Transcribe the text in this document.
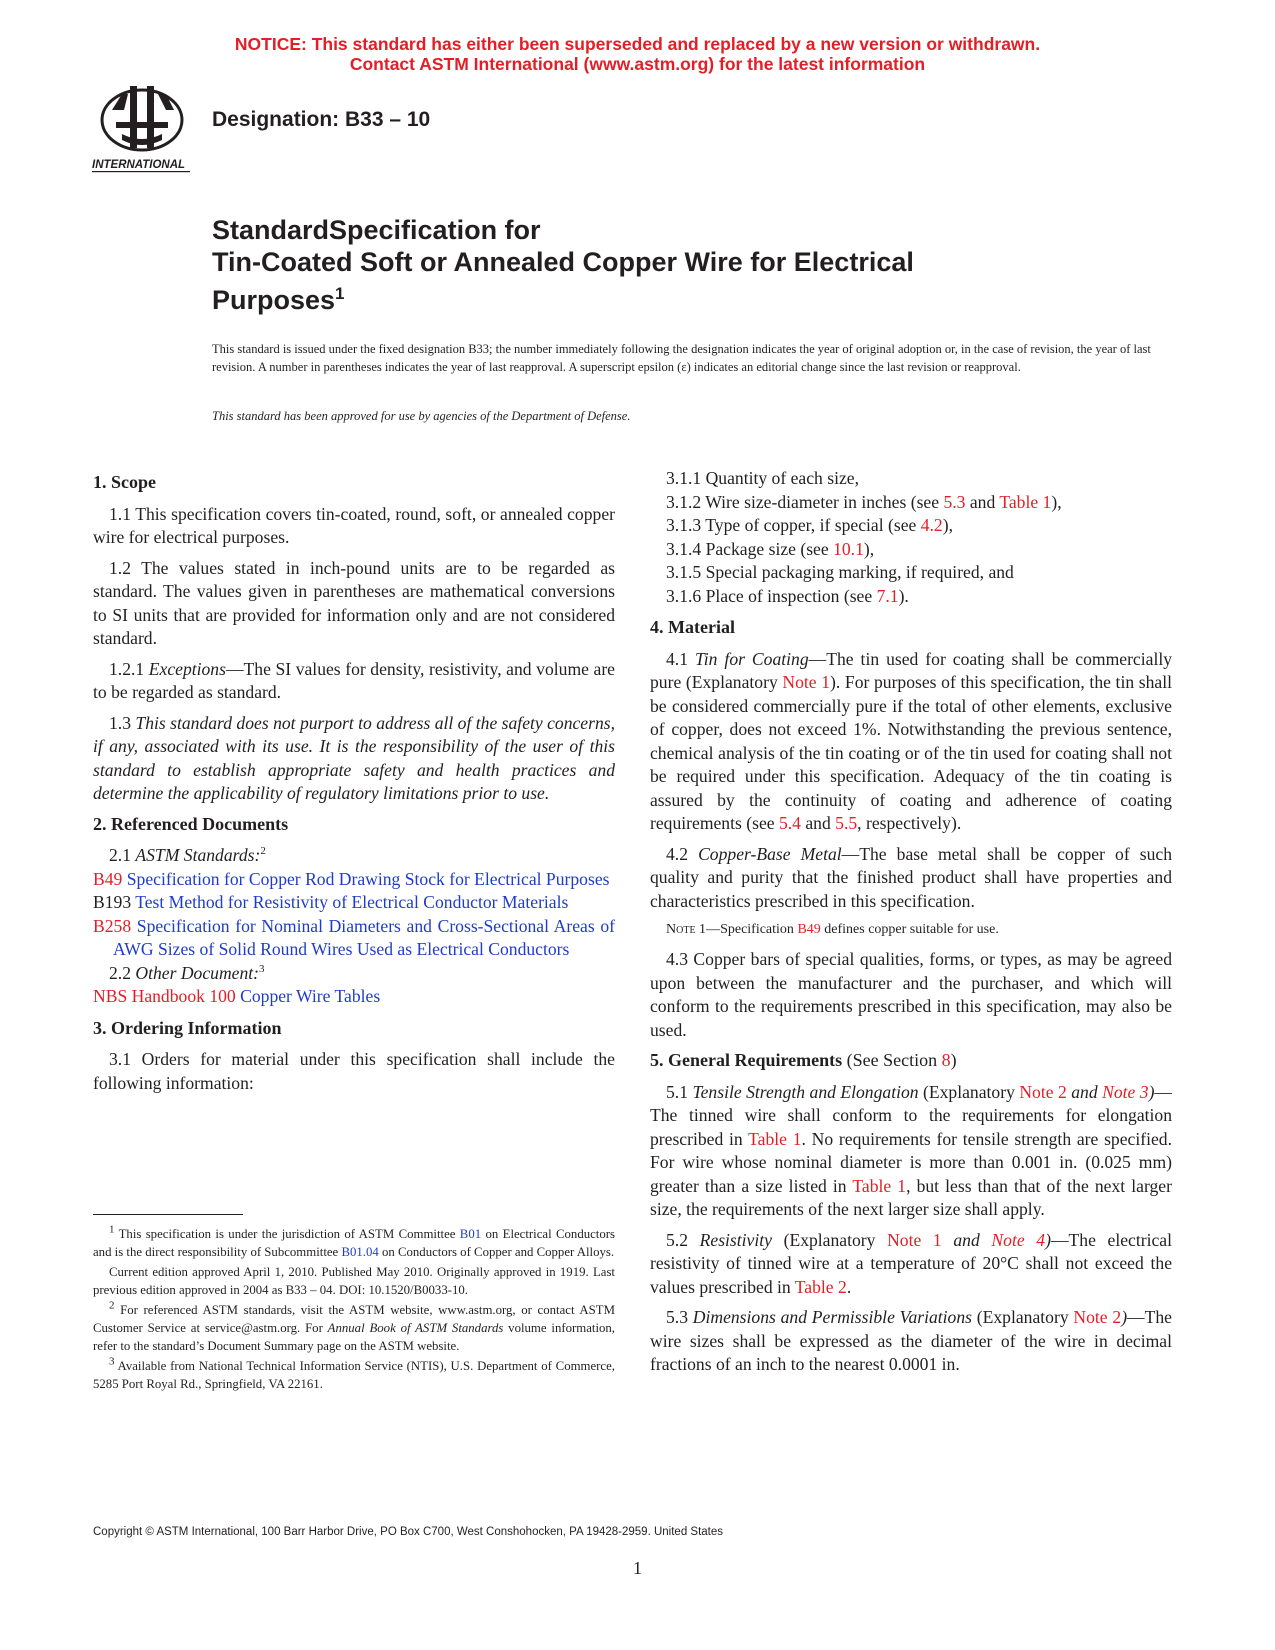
NOTICE: This standard has either been superseded and replaced by a new version or withdrawn.
Contact ASTM International (www.astm.org) for the latest information
INTERNATIONAL
Designation: B33 – 10
StandardSpecification for
Tin-Coated Soft or Annealed Copper Wire for Electrical
Purposes$^1$
This standard is issued under the fixed designation B33; the number immediately following the designation indicates the year of original adoption or, in the case of revision, the year of last revision. A number in parentheses indicates the year of last reapproval. A superscript epsilon (ε) indicates an editorial change since the last revision or reapproval.
This standard has been approved for use by agencies of the Department of Defense.
1. Scope

1.1 This specification covers tin-coated, round, soft, or annealed copper wire for electrical purposes.

1.2 The values stated in inch-pound units are to be regarded as standard. The values given in parentheses are mathematical conversions to SI units that are provided for information only and are not considered standard.

1.2.1 Exceptions—The SI values for density, resistivity, and volume are to be regarded as standard.

1.3 This standard does not purport to address all of the safety concerns, if any, associated with its use. It is the responsibility of the user of this standard to establish appropriate safety and health practices and determine the applicability of regulatory limitations prior to use.

2. Referenced Documents

2.1 ASTM Standards:$^2$

B49 Specification for Copper Rod Drawing Stock for Electrical Purposes

B193 Test Method for Resistivity of Electrical Conductor Materials

B258 Specification for Nominal Diameters and Cross-Sectional Areas of AWG Sizes of Solid Round Wires Used as Electrical Conductors

2.2 Other Document:$^3$

NBS Handbook 100 Copper Wire Tables

3. Ordering Information

3.1 Orders for material under this specification shall include the following information:

$^1$ This specification is under the jurisdiction of ASTM Committee B01 on Electrical Conductors and is the direct responsibility of Subcommittee B01.04 on Conductors of Copper and Copper Alloys.

Current edition approved April 1, 2010. Published May 2010. Originally approved in 1919. Last previous edition approved in 2004 as B33 – 04. DOI: 10.1520/B0033-10.

$^2$ For referenced ASTM standards, visit the ASTM website, www.astm.org, or contact ASTM Customer Service at service@astm.org. For Annual Book of ASTM Standards volume information, refer to the standard’s Document Summary page on the ASTM website.

$^3$ Available from National Technical Information Service (NTIS), U.S. Department of Commerce, 5285 Port Royal Rd., Springfield, VA 22161.

3.1.1 Quantity of each size,

3.1.2 Wire size-diameter in inches (see 5.3 and Table 1),

3.1.3 Type of copper, if special (see 4.2),

3.1.4 Package size (see 10.1),

3.1.5 Special packaging marking, if required, and

3.1.6 Place of inspection (see 7.1).

4. Material

4.1 Tin for Coating—The tin used for coating shall be commercially pure (Explanatory Note 1). For purposes of this specification, the tin shall be considered commercially pure if the total of other elements, exclusive of copper, does not exceed 1%. Notwithstanding the previous sentence, chemical analysis of the tin coating or of the tin used for coating shall not be required under this specification. Adequacy of the tin coating is assured by the continuity of coating and adherence of coating requirements (see 5.4 and 5.5, respectively).

4.2 Copper-Base Metal—The base metal shall be copper of such quality and purity that the finished product shall have properties and characteristics prescribed in this specification.

Note 1—Specification B49 defines copper suitable for use.

4.3 Copper bars of special qualities, forms, or types, as may be agreed upon between the manufacturer and the purchaser, and which will conform to the requirements prescribed in this specification, may also be used.

5. General Requirements (See Section 8)

5.1 Tensile Strength and Elongation (Explanatory Note 2 and Note 3)—The tinned wire shall conform to the requirements for elongation prescribed in Table 1. No requirements for tensile strength are specified. For wire whose nominal diameter is more than 0.001 in. (0.025 mm) greater than a size listed in Table 1, but less than that of the next larger size, the requirements of the next larger size shall apply.

5.2 Resistivity (Explanatory Note 1 and Note 4)—The electrical resistivity of tinned wire at a temperature of 20°C shall not exceed the values prescribed in Table 2.

5.3 Dimensions and Permissible Variations (Explanatory Note 2)—The wire sizes shall be expressed as the diameter of the wire in decimal fractions of an inch to the nearest 0.0001 in.

Copyright © ASTM International, 100 Barr Harbor Drive, PO Box C700, West Conshohocken, PA 19428-2959. United States
1
